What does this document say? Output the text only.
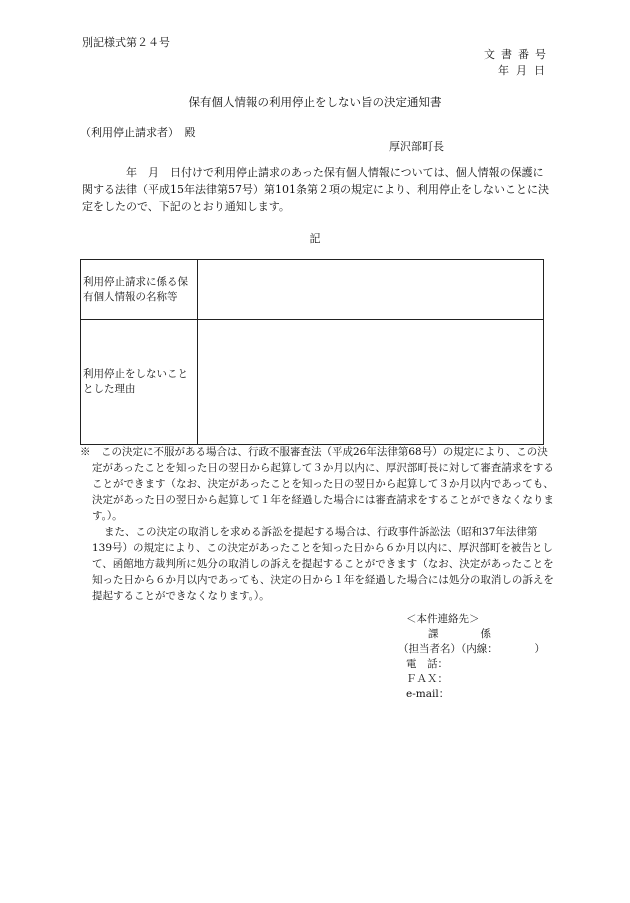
別記様式第２４号
文書番号
年月日
保有個人情報の利用停止をしない旨の決定通知書
（利用停止請求者）　殿
厚沢部町長

年　月　日付けで利用停止請求のあった保有個人情報については、個人情報の保護に関する法律（平成15年法律第57号）第101条第２項の規定により、利用停止をしないことに決定をしたので、下記のとおり通知します。

記
利用停止請求に係る保有個人情報の名称等	
利用停止をしないこととした理由	

※　この決定に不服がある場合は、行政不服審査法（平成26年法律第68号）の規定により、この決定があったことを知った日の翌日から起算して３か月以内に、厚沢部町長に対して審査請求をすることができます（なお、決定があったことを知った日の翌日から起算して３か月以内であっても、決定があった日の翌日から起算して１年を経過した場合には審査請求をすることができなくなります。）。

また、この決定の取消しを求める訴訟を提起する場合は、行政事件訴訟法（昭和37年法律第139号）の規定により、この決定があったことを知った日から６か月以内に、厚沢部町を被告として、函館地方裁判所に処分の取消しの訴えを提起することができます（なお、決定があったことを知った日から６か月以内であっても、決定の日から１年を経過した場合には処分の取消しの訴えを提起することができなくなります。）。

＜本件連絡先＞
課　　　　係
（担当者名）（内線：　　　　）
電　話：
ＦＡＸ：
e-mail：
